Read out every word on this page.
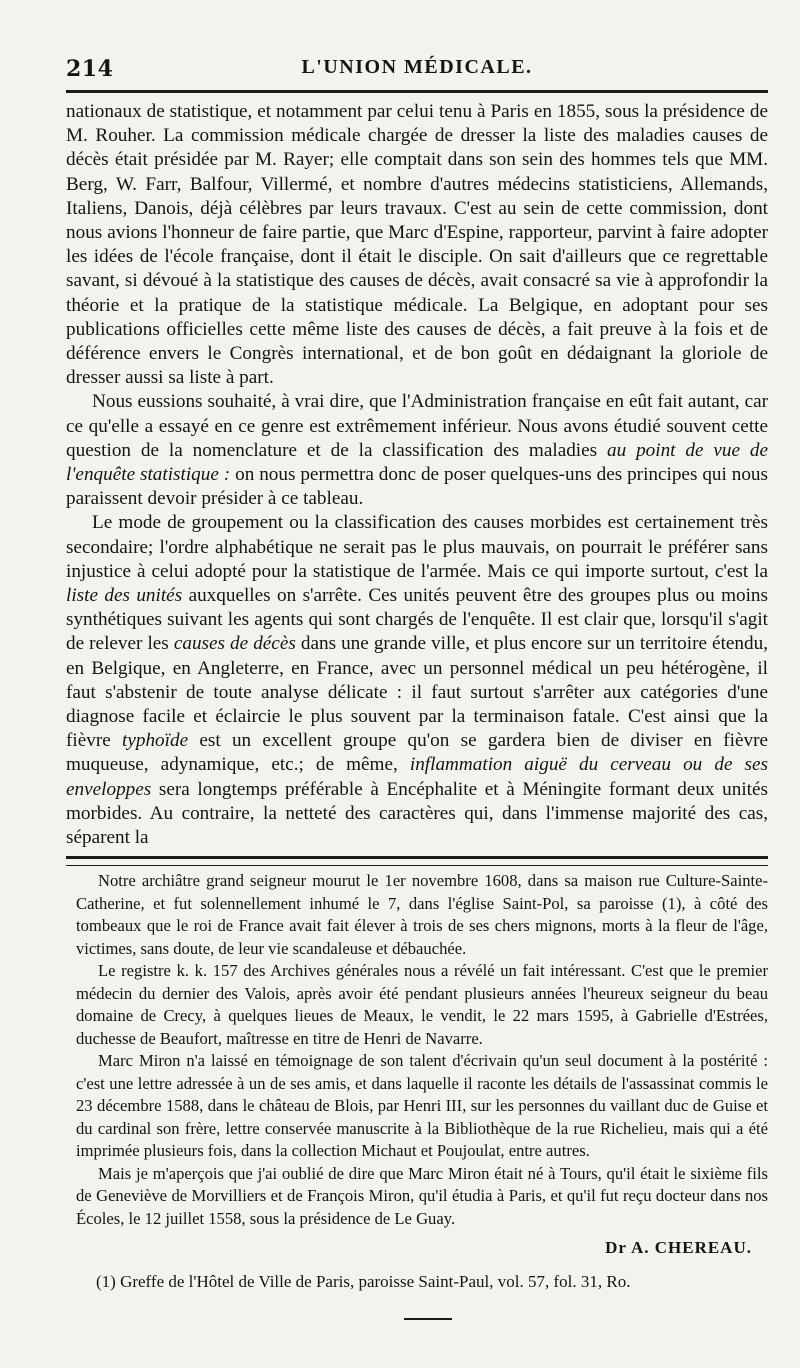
214	L'UNION MÉDICALE.

nationaux de statistique, et notamment par celui tenu à Paris en 1855, sous la présidence de M. Rouher. La commission médicale chargée de dresser la liste des maladies causes de décès était présidée par M. Rayer; elle comptait dans son sein des hommes tels que MM. Berg, W. Farr, Balfour, Villermé, et nombre d'autres médecins statisticiens, Allemands, Italiens, Danois, déjà célèbres par leurs travaux. C'est au sein de cette commission, dont nous avions l'honneur de faire partie, que Marc d'Espine, rapporteur, parvint à faire adopter les idées de l'école française, dont il était le disciple. On sait d'ailleurs que ce regrettable savant, si dévoué à la statistique des causes de décès, avait consacré sa vie à approfondir la théorie et la pratique de la statistique médicale. La Belgique, en adoptant pour ses publications officielles cette même liste des causes de décès, a fait preuve à la fois et de déférence envers le Congrès international, et de bon goût en dédaignant la gloriole de dresser aussi sa liste à part.

Nous eussions souhaité, à vrai dire, que l'Administration française en eût fait autant, car ce qu'elle a essayé en ce genre est extrêmement inférieur. Nous avons étudié souvent cette question de la nomenclature et de la classification des maladies au point de vue de l'enquête statistique : on nous permettra donc de poser quelques-uns des principes qui nous paraissent devoir présider à ce tableau.

Le mode de groupement ou la classification des causes morbides est certainement très secondaire; l'ordre alphabétique ne serait pas le plus mauvais, on pourrait le préférer sans injustice à celui adopté pour la statistique de l'armée. Mais ce qui importe surtout, c'est la liste des unités auxquelles on s'arrête. Ces unités peuvent être des groupes plus ou moins synthétiques suivant les agents qui sont chargés de l'enquête. Il est clair que, lorsqu'il s'agit de relever les causes de décès dans une grande ville, et plus encore sur un territoire étendu, en Belgique, en Angleterre, en France, avec un personnel médical un peu hétérogène, il faut s'abstenir de toute analyse délicate : il faut surtout s'arrêter aux catégories d'une diagnose facile et éclaircie le plus souvent par la terminaison fatale. C'est ainsi que la fièvre typhoïde est un excellent groupe qu'on se gardera bien de diviser en fièvre muqueuse, adynamique, etc.; de même, inflammation aiguë du cerveau ou de ses enveloppes sera longtemps préférable à Encéphalite et à Méningite formant deux unités morbides. Au contraire, la netteté des caractères qui, dans l'immense majorité des cas, séparent la

Notre archiâtre grand seigneur mourut le 1er novembre 1608, dans sa maison rue Culture-Sainte-Catherine, et fut solennellement inhumé le 7, dans l'église Saint-Pol, sa paroisse (1), à côté des tombeaux que le roi de France avait fait élever à trois de ses chers mignons, morts à la fleur de l'âge, victimes, sans doute, de leur vie scandaleuse et débauchée.

Le registre k. k. 157 des Archives générales nous a révélé un fait intéressant. C'est que le premier médecin du dernier des Valois, après avoir été pendant plusieurs années l'heureux seigneur du beau domaine de Crecy, à quelques lieues de Meaux, le vendit, le 22 mars 1595, à Gabrielle d'Estrées, duchesse de Beaufort, maîtresse en titre de Henri de Navarre.

Marc Miron n'a laissé en témoignage de son talent d'écrivain qu'un seul document à la postérité : c'est une lettre adressée à un de ses amis, et dans laquelle il raconte les détails de l'assassinat commis le 23 décembre 1588, dans le château de Blois, par Henri III, sur les personnes du vaillant duc de Guise et du cardinal son frère, lettre conservée manuscrite à la Bibliothèque de la rue Richelieu, mais qui a été imprimée plusieurs fois, dans la collection Michaut et Poujoulat, entre autres.

Mais je m'aperçois que j'ai oublié de dire que Marc Miron était né à Tours, qu'il était le sixième fils de Geneviève de Morvilliers et de François Miron, qu'il étudia à Paris, et qu'il fut reçu docteur dans nos Écoles, le 12 juillet 1558, sous la présidence de Le Guay.

Dr A. CHEREAU.
(1) Greffe de l'Hôtel de Ville de Paris, paroisse Saint-Paul, vol. 57, fol. 31, Ro.
